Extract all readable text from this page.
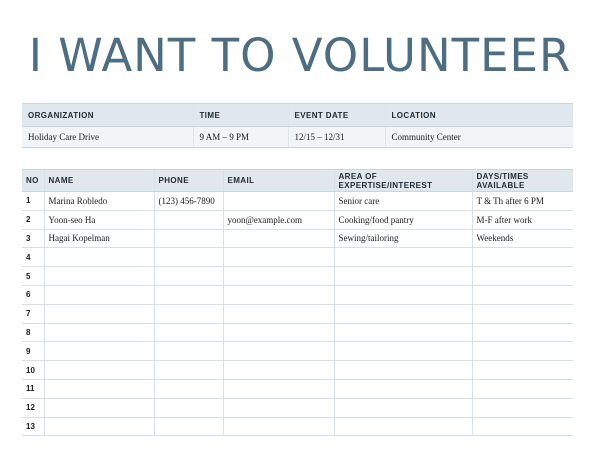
I WANT TO VOLUNTEER
ORGANIZATION	TIME	EVENT DATE	LOCATION
Holiday Care Drive	9 AM – 9 PM	12/15 – 12/31	Community Center
NO	NAME	PHONE	EMAIL	AREA OF EXPERTISE/INTEREST	DAYS/TIMES AVAILABLE
1	Marina Robledo	(123) 456-7890		Senior care	T & Th after 6 PM
2	Yoon-seo Ha		yoon@example.com	Cooking/food pantry	M-F after work
3	Hagai Kopelman			Sewing/tailoring	Weekends
4					
5					
6					
7					
8					
9					
10					
11					
12					
13					
